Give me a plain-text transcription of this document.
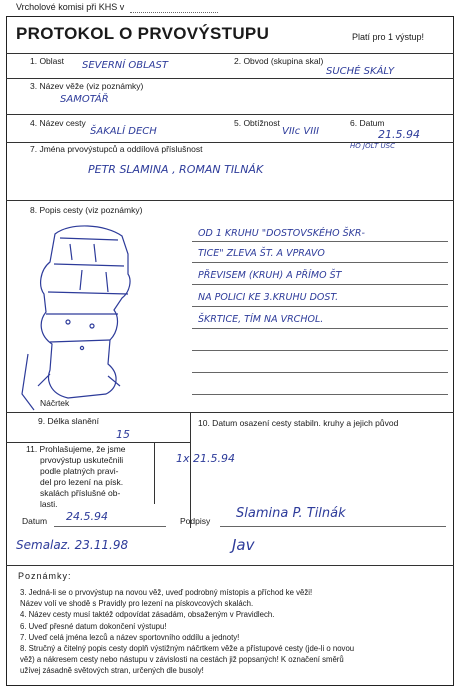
Vrcholové komisi při KHS v
PROTOKOL O PRVOVÝSTUPU	Platí pro 1 výstup!
1. Oblast SEVERNÍ OBLAST	2. Obvod (skupina skal)
SUCHÉ SKÁLY
3. Název věže (viz poznámky)
SAMOTÁŘ
4. Název cesty
ŠAKALÍ DECH
5. Obtížnost
VIIc VIII
6. Datum
21.5.94
HO JOLT USC
7. Jména prvovýstupců a oddílová příslušnost
PETR SLAMINA , ROMAN TILNÁK
8. Popis cesty (viz poznámky)
Náčrtek
OD 1 KRUHU "DOSTOVSKÉHO ŠKR-
TICE" ZLEVA ŠT. A VPRAVO
PŘEVISEM (KRUH) A PŘÍMO ŠT
NA POLICI KE 3.KRUHU DOST.
ŠKRTICE, TÍM NA VRCHOL.
9. Délka slanění
15
10. Datum osazení cesty stabiln. kruhy a jejich původ
1x 21.5.94
11. Prohlašujeme, že jsme
prvovýstup uskutečnili
podle platných pravi-
del pro lezení na písk.
skalách příslušné ob-
lasti.
Datum 24.5.94	Podpisy Slamina P. Tilnák
Semalaz. 23.11.98	Jav
Poznámky:
3. Jedná-li se o prvovýstup na novou věž, uveď podrobný místopis a příchod ke věži!
Název volí ve shodě s Pravidly pro lezení na pískovcových skalách.
4. Název cesty musí taktéž odpovídat zásadám, obsaženým v Pravidlech.
6. Uveď přesné datum dokončení výstupu!
7. Uveď celá jména lezců a název sportovního oddílu a jednoty!
8. Stručný a čitelný popis cesty doplň výstižným náčrtkem věže a přístupové cesty (jde-li o novou
věž) a nákresem cesty nebo nástupu v závislosti na cestách již popsaných! K označení směrů
užívej zásadně světových stran, určených dle busoly!
